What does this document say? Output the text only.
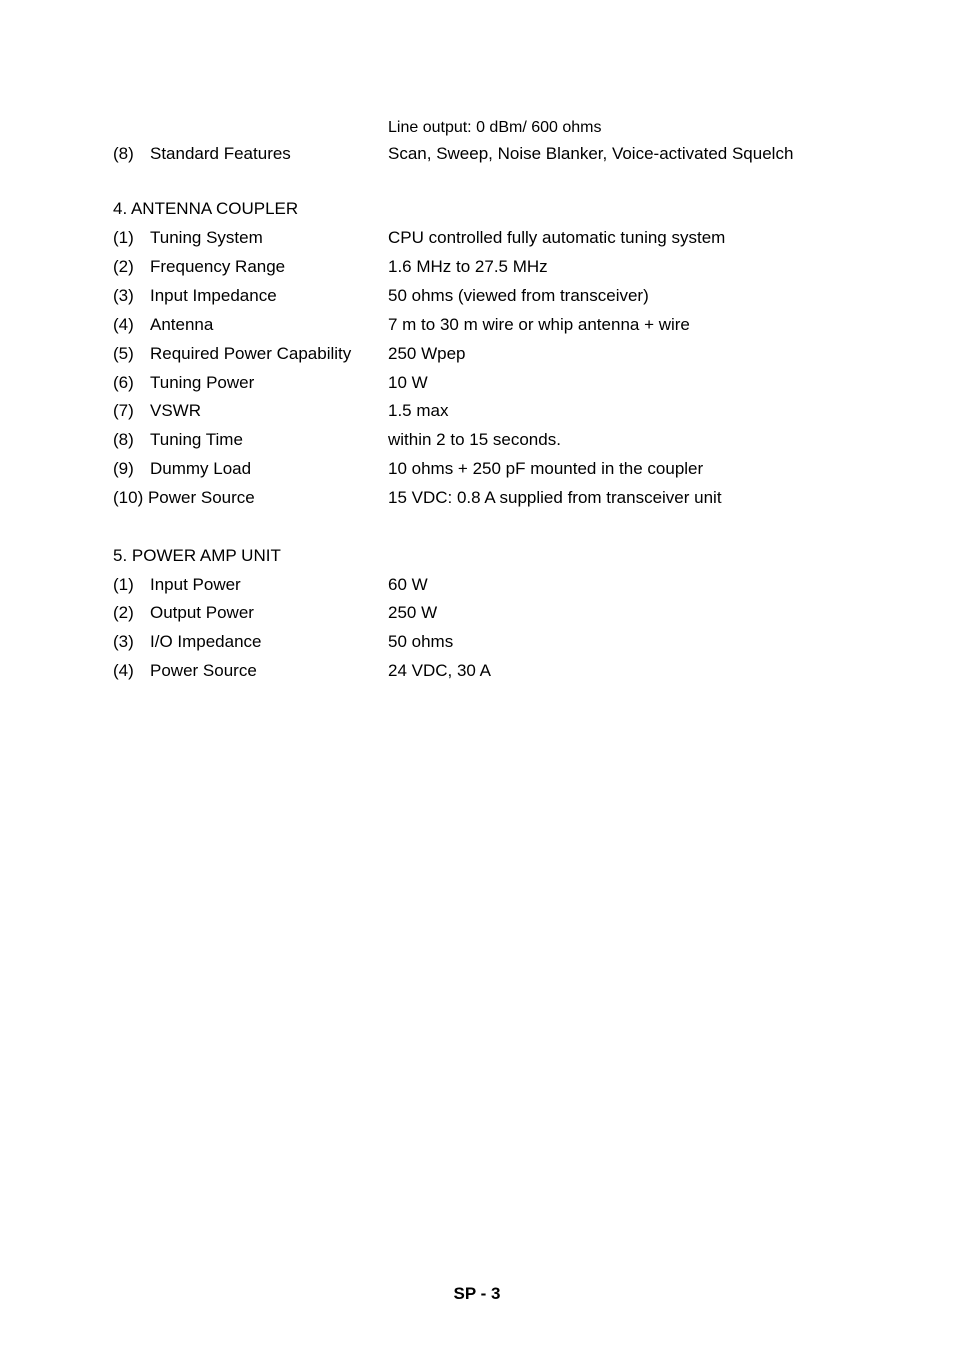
Line output: 0 dBm/ 600 ohms
(8) Standard Features	Scan, Sweep, Noise Blanker, Voice-activated Squelch
4. ANTENNA COUPLER
(1) Tuning System	CPU controlled fully automatic tuning system
(2) Frequency Range	1.6 MHz to 27.5 MHz
(3) Input Impedance	50 ohms (viewed from transceiver)
(4) Antenna	7 m to 30 m wire or whip antenna + wire
(5) Required Power Capability 250 Wpep
(6) Tuning Power	10 W
(7) VSWR	1.5 max
(8) Tuning Time	within 2 to 15 seconds.
(9) Dummy Load	10 ohms + 250 pF mounted in the coupler
(10) Power Source	15 VDC: 0.8 A supplied from transceiver unit
5. POWER AMP UNIT
(1) Input Power	60 W
(2) Output Power	250 W
(3) I/O Impedance	50 ohms
(4) Power Source	24 VDC, 30 A
SP - 3
